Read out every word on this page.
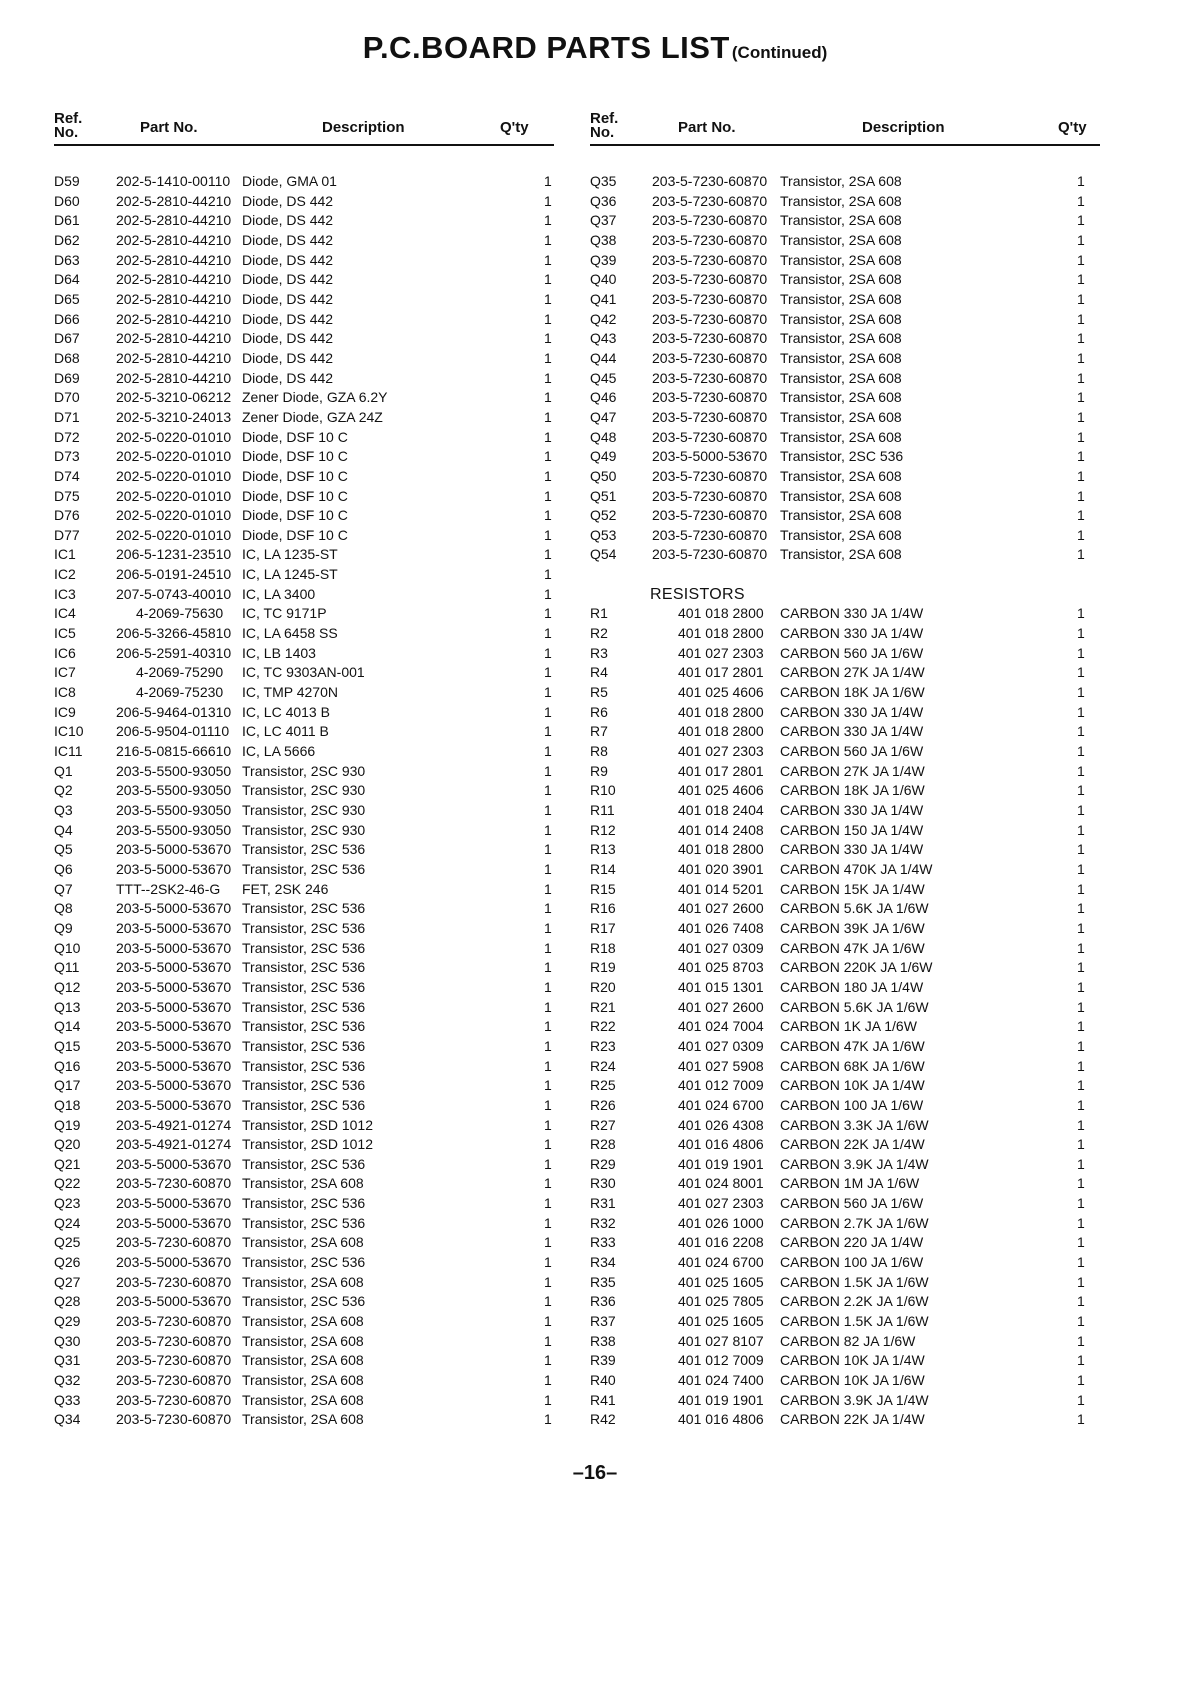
P.C.BOARD PARTS LIST (Continued)
Ref.
No.	Part No.	Description	Q'ty
D59	202-5-1410-00110 Diode, GMA 01	1
D60	202-5-2810-44210 Diode, DS 442	1
D61	202-5-2810-44210 Diode, DS 442	1
D62	202-5-2810-44210 Diode, DS 442	1
D63	202-5-2810-44210 Diode, DS 442	1
D64	202-5-2810-44210 Diode, DS 442	1
D65	202-5-2810-44210 Diode, DS 442	1
D66	202-5-2810-44210 Diode, DS 442	1
D67	202-5-2810-44210 Diode, DS 442	1
D68	202-5-2810-44210 Diode, DS 442	1
D69	202-5-2810-44210 Diode, DS 442	1
D70	202-5-3210-06212 Zener Diode, GZA 6.2Y	1
D71	202-5-3210-24013 Zener Diode, GZA 24Z	1
D72	202-5-0220-01010 Diode, DSF 10 C	1
D73	202-5-0220-01010 Diode, DSF 10 C	1
D74	202-5-0220-01010 Diode, DSF 10 C	1
D75	202-5-0220-01010 Diode, DSF 10 C	1
D76	202-5-0220-01010 Diode, DSF 10 C	1
D77	202-5-0220-01010 Diode, DSF 10 C	1
IC1	206-5-1231-23510 IC, LA 1235-ST	1
IC2	206-5-0191-24510 IC, LA 1245-ST	1
IC3	207-5-0743-40010 IC, LA 3400	1
IC4	4-2069-75630 IC, TC 9171P	1
IC5	206-5-3266-45810 IC, LA 6458 SS	1
IC6	206-5-2591-40310 IC, LB 1403	1
IC7	4-2069-75290 IC, TC 9303AN-001	1
IC8	4-2069-75230 IC, TMP 4270N	1
IC9	206-5-9464-01310 IC, LC 4013 B	1
IC10 206-5-9504-01110 IC, LC 4011 B	1
IC11 216-5-0815-66610 IC, LA 5666	1
Q1	203-5-5500-93050 Transistor, 2SC 930	1
Q2	203-5-5500-93050 Transistor, 2SC 930	1
Q3	203-5-5500-93050 Transistor, 2SC 930	1
Q4	203-5-5500-93050 Transistor, 2SC 930	1
Q5	203-5-5000-53670 Transistor, 2SC 536	1
Q6	203-5-5000-53670 Transistor, 2SC 536	1
Q7	TTT--2SK2-46-G FET, 2SK 246	1
Q8	203-5-5000-53670 Transistor, 2SC 536	1
Q9	203-5-5000-53670 Transistor, 2SC 536	1
Q10	203-5-5000-53670 Transistor, 2SC 536	1
Q11	203-5-5000-53670 Transistor, 2SC 536	1
Q12	203-5-5000-53670 Transistor, 2SC 536	1
Q13	203-5-5000-53670 Transistor, 2SC 536	1
Q14	203-5-5000-53670 Transistor, 2SC 536	1
Q15	203-5-5000-53670 Transistor, 2SC 536	1
Q16	203-5-5000-53670 Transistor, 2SC 536	1
Q17	203-5-5000-53670 Transistor, 2SC 536	1
Q18	203-5-5000-53670 Transistor, 2SC 536	1
Q19	203-5-4921-01274 Transistor, 2SD 1012	1
Q20	203-5-4921-01274 Transistor, 2SD 1012	1
Q21	203-5-5000-53670 Transistor, 2SC 536	1
Q22	203-5-7230-60870 Transistor, 2SA 608	1
Q23	203-5-5000-53670 Transistor, 2SC 536	1
Q24	203-5-5000-53670 Transistor, 2SC 536	1
Q25	203-5-7230-60870 Transistor, 2SA 608	1
Q26	203-5-5000-53670 Transistor, 2SC 536	1
Q27	203-5-7230-60870 Transistor, 2SA 608	1
Q28	203-5-5000-53670 Transistor, 2SC 536	1
Q29	203-5-7230-60870 Transistor, 2SA 608	1
Q30	203-5-7230-60870 Transistor, 2SA 608	1
Q31	203-5-7230-60870 Transistor, 2SA 608	1
Q32	203-5-7230-60870 Transistor, 2SA 608	1
Q33	203-5-7230-60870 Transistor, 2SA 608	1
Q34	203-5-7230-60870 Transistor, 2SA 608	1
Ref.
No.	Part No.	Description	Q'ty
Q35	203-5-7230-60870 Transistor, 2SA 608	1
Q36	203-5-7230-60870 Transistor, 2SA 608	1
Q37	203-5-7230-60870 Transistor, 2SA 608	1
Q38	203-5-7230-60870 Transistor, 2SA 608	1
Q39	203-5-7230-60870 Transistor, 2SA 608	1
Q40	203-5-7230-60870 Transistor, 2SA 608	1
Q41	203-5-7230-60870 Transistor, 2SA 608	1
Q42	203-5-7230-60870 Transistor, 2SA 608	1
Q43	203-5-7230-60870 Transistor, 2SA 608	1
Q44	203-5-7230-60870 Transistor, 2SA 608	1
Q45	203-5-7230-60870 Transistor, 2SA 608	1
Q46	203-5-7230-60870 Transistor, 2SA 608	1
Q47	203-5-7230-60870 Transistor, 2SA 608	1
Q48	203-5-7230-60870 Transistor, 2SA 608	1
Q49	203-5-5000-53670 Transistor, 2SC 536	1
Q50	203-5-7230-60870 Transistor, 2SA 608	1
Q51	203-5-7230-60870 Transistor, 2SA 608	1
Q52	203-5-7230-60870 Transistor, 2SA 608	1
Q53	203-5-7230-60870 Transistor, 2SA 608	1
Q54	203-5-7230-60870 Transistor, 2SA 608	1
RESISTORS
R1	401 018 2800 CARBON 330 JA 1/4W	1
R2	401 018 2800 CARBON 330 JA 1/4W	1
R3	401 027 2303 CARBON 560 JA 1/6W	1
R4	401 017 2801 CARBON 27K JA 1/4W	1
R5	401 025 4606 CARBON 18K JA 1/6W	1
R6	401 018 2800 CARBON 330 JA 1/4W	1
R7	401 018 2800 CARBON 330 JA 1/4W	1
R8	401 027 2303 CARBON 560 JA 1/6W	1
R9	401 017 2801 CARBON 27K JA 1/4W	1
R10	401 025 4606 CARBON 18K JA 1/6W	1
R11	401 018 2404 CARBON 330 JA 1/4W	1
R12	401 014 2408 CARBON 150 JA 1/4W	1
R13	401 018 2800 CARBON 330 JA 1/4W	1
R14	401 020 3901 CARBON 470K JA 1/4W	1
R15	401 014 5201 CARBON 15K JA 1/4W	1
R16	401 027 2600 CARBON 5.6K JA 1/6W	1
R17	401 026 7408 CARBON 39K JA 1/6W	1
R18	401 027 0309 CARBON 47K JA 1/6W	1
R19	401 025 8703 CARBON 220K JA 1/6W	1
R20	401 015 1301 CARBON 180 JA 1/4W	1
R21	401 027 2600 CARBON 5.6K JA 1/6W	1
R22	401 024 7004 CARBON 1K JA 1/6W	1
R23	401 027 0309 CARBON 47K JA 1/6W	1
R24	401 027 5908 CARBON 68K JA 1/6W	1
R25	401 012 7009 CARBON 10K JA 1/4W	1
R26	401 024 6700 CARBON 100 JA 1/6W	1
R27	401 026 4308 CARBON 3.3K JA 1/6W	1
R28	401 016 4806 CARBON 22K JA 1/4W	1
R29	401 019 1901 CARBON 3.9K JA 1/4W	1
R30	401 024 8001 CARBON 1M JA 1/6W	1
R31	401 027 2303 CARBON 560 JA 1/6W	1
R32	401 026 1000 CARBON 2.7K JA 1/6W	1
R33	401 016 2208 CARBON 220 JA 1/4W	1
R34	401 024 6700 CARBON 100 JA 1/6W	1
R35	401 025 1605 CARBON 1.5K JA 1/6W	1
R36	401 025 7805 CARBON 2.2K JA 1/6W	1
R37	401 025 1605 CARBON 1.5K JA 1/6W	1
R38	401 027 8107 CARBON 82 JA 1/6W	1
R39	401 012 7009 CARBON 10K JA 1/4W	1
R40	401 024 7400 CARBON 10K JA 1/6W	1
R41	401 019 1901 CARBON 3.9K JA 1/4W	1
R42	401 016 4806 CARBON 22K JA 1/4W	1
–16–
